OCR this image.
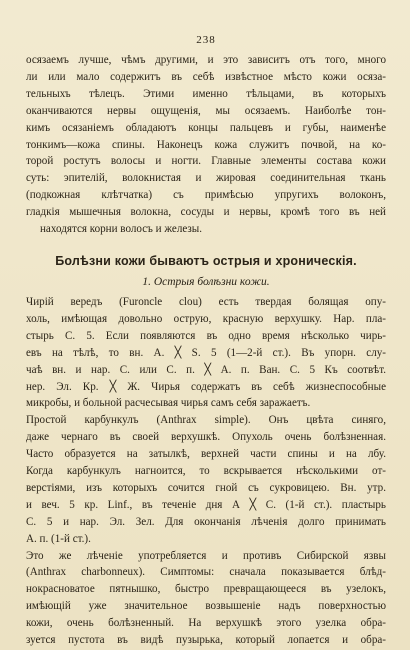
238

осязаемъ лучше, чѣмъ другими, и это зависитъ отъ того, много
ли или мало содержитъ въ себѣ извѣстное мѣсто кожи осяза-
тельныхъ тѣлецъ. Этими именно тѣльцами, въ которыхъ
оканчиваются нервы ощущенія, мы осязаемъ. Наиболѣе тон-
кимъ осязаніемъ обладаютъ концы пальцевъ и губы, наименѣе
тонкимъ—кожа спины. Наконецъ кожа служитъ почвой, на ко-
торой ростутъ волосы и ногти. Главные элементы состава кожи
суть: эпителій, волокнистая и жировая соединительная ткань
(подкожная клѣтчатка) съ примѣсью упругихъ волоконъ,
гладкія мышечныя волокна, сосуды и нервы, кромѣ того въ ней
находятся корни волосъ и железы.

Болѣзни кожи бываютъ острыя и хроническія.
1. Острыя болѣзни кожи.

Чирій вередъ (Furoncle clou) есть твердая болящая опу-
холь, имѣющая довольно острую, красную верхушку. Нар. пла-
стырь С. 5. Если появляются въ одно время нѣсколько чирь-
евъ на тѣлѣ, то вн. А. ╳ S. 5 (1—2-й ст.). Въ упорн. слу-
чаѣ вн. и нар. С. или С. п. ╳ А. п. Ван. С. 5 Къ соотвѣт.
нер. Эл. Кр. ╳ Ж. Чирья содержатъ въ себѣ жизнеспособные
микробы, и больной расчесывая чирья самъ себя заражаетъ.

Простой карбункулъ (Anthrax simple). Онъ цвѣта синяго,
даже чернаго въ своей верхушкѣ. Опухоль очень болѣзненная.
Часто образуется на затылкѣ, верхней части спины и на лбу.
Когда карбункулъ нагноится, то вскрывается нѣсколькими от-
верстіями, изъ которыхъ сочится гной съ сукровицею. Вн. утр.
и веч. 5 кр. Linf., въ теченіе дня А ╳ С. (1-й ст.). пластырь
С. 5 и нар. Эл. Зел. Для окончанія лѣченія долго принимать
А. п. (1-й ст.).

Это же лѣченіе употребляется и противъ Сибирской язвы
(Anthrax charbonneux). Симптомы: сначала показывается блѣд-
нокрасноватое пятнышко, быстро превращающееся въ узелокъ,
имѣющій уже значительное возвышеніе надъ поверхностью
кожи, очень болѣзненный. На верхушкѣ этого узелка обра-
зуется пустота въ видѣ пузырька, который лопается и обра-
